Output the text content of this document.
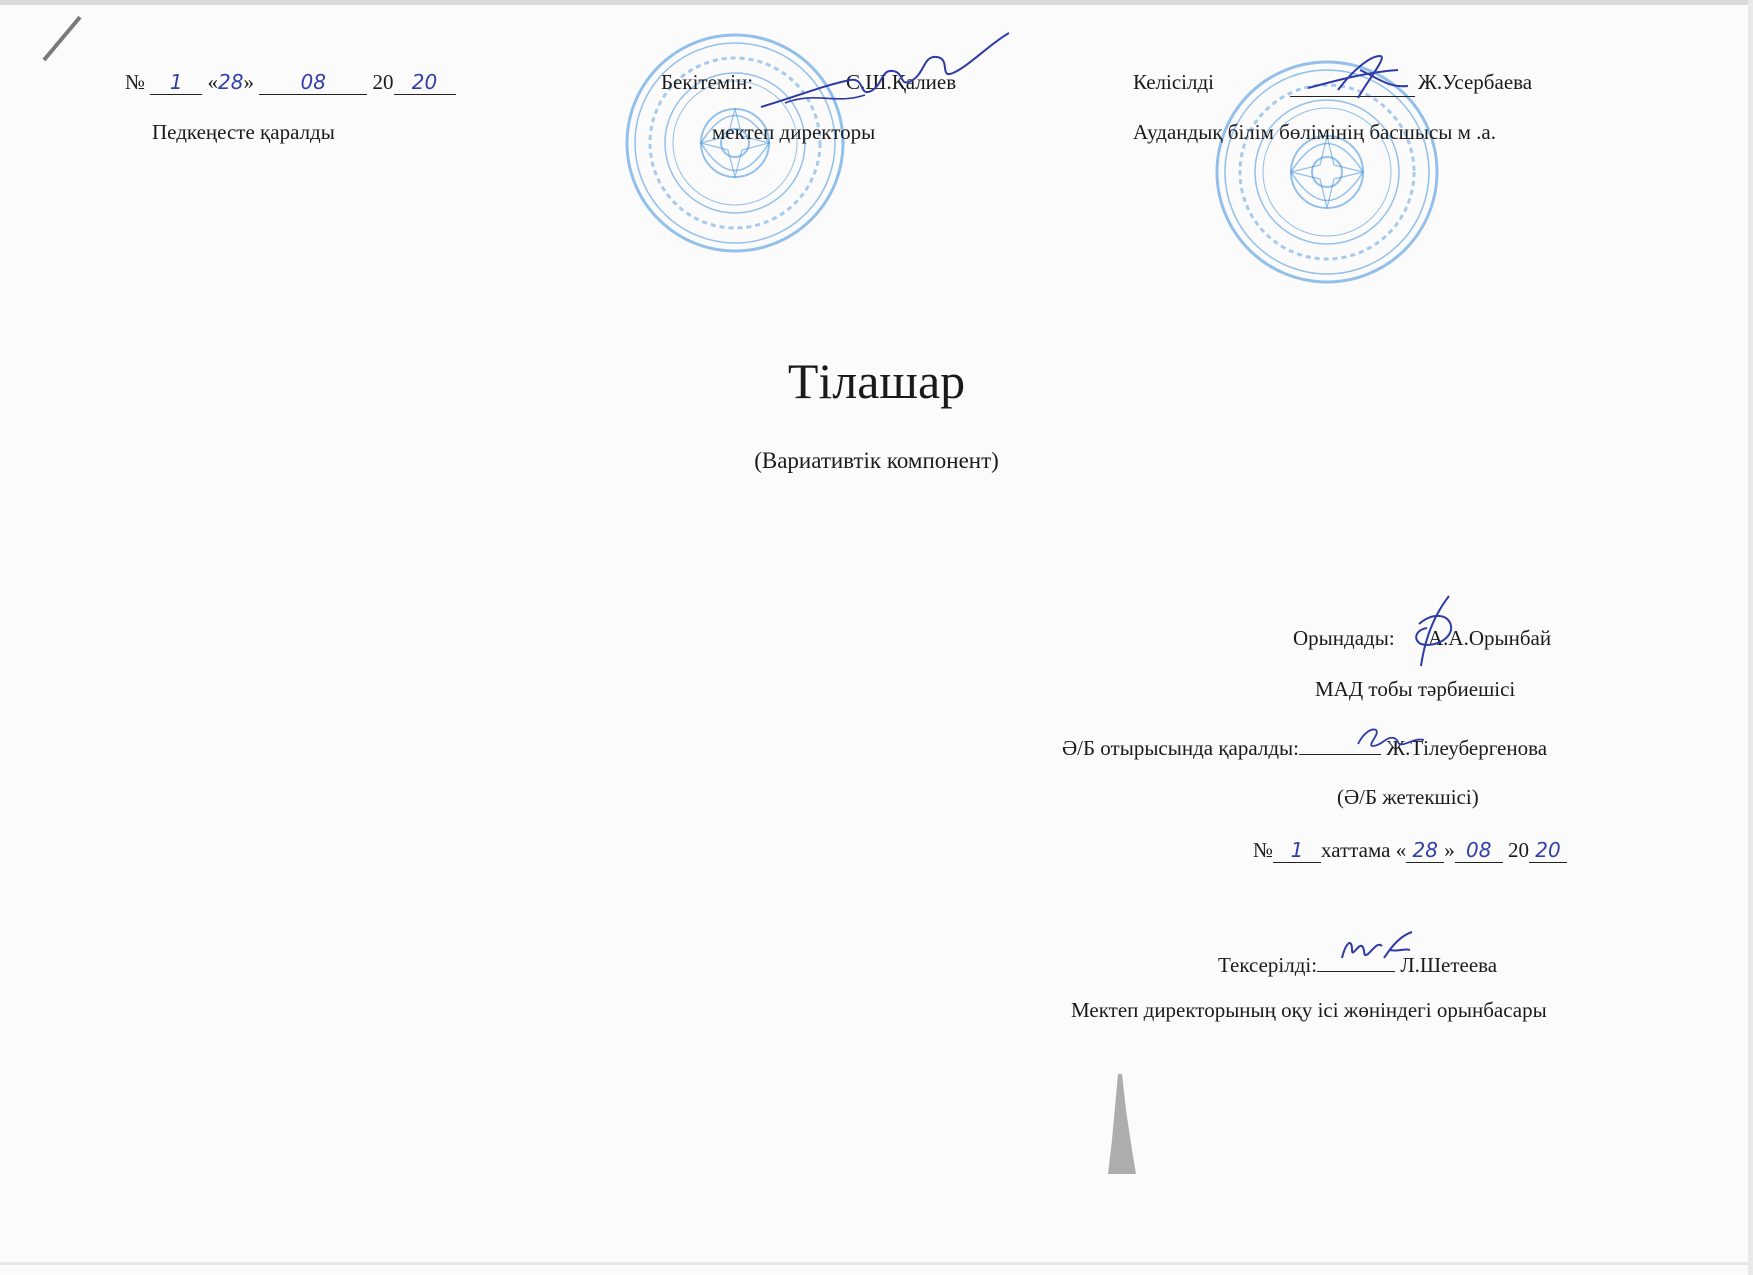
№ 1 «28» 08 20 20
Педкеңесте қаралды
Бекітемін:	С.Ш.Қалиев
мектеп директоры
Келісілді	Ж.Усербаева
Аудандық білім бөлімінің басшысы м .а.
Тілашар
(Вариативтік компонент)
Орындады: А.А.Орынбай
МАД тобы тәрбиешісі
Ә/Б отырысында қаралды:	Ж.Тілеубергенова
(Ә/Б жетекшісі)
№ 1 хаттама « 28 » 08 20 20
Тексерілді:	Л.Шетеева
Мектеп директорының оқу ісі жөніндегі орынбасары
